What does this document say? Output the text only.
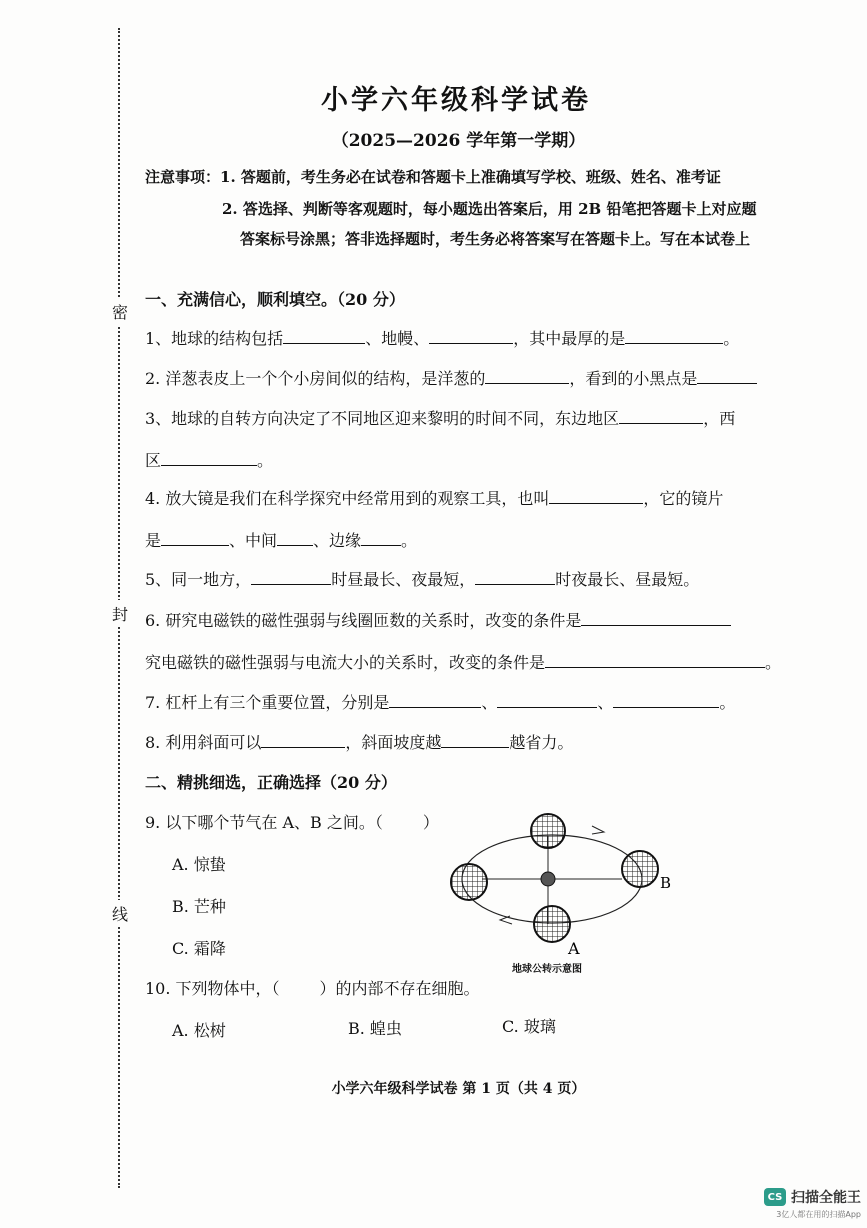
密
封
线
小学六年级科学试卷
（2025—2026 学年第一学期）
注意事项：1. 答题前，考生务必在试卷和答题卡上准确填写学校、班级、姓名、准考证
2. 答选择、判断等客观题时，每小题选出答案后，用 2B 铅笔把答题卡上对应题
答案标号涂黑；答非选择题时，考生务必将答案写在答题卡上。写在本试卷上
一、充满信心，顺利填空。（20 分）
1、地球的结构包括	、地幔、	，其中最厚的是	。
2. 洋葱表皮上一个个小房间似的结构，是洋葱的	，看到的小黑点是
3、地球的自转方向决定了不同地区迎来黎明的时间不同，东边地区	，西
区	。
4. 放大镜是我们在科学探究中经常用到的观察工具，也叫	，它的镜片
是	、中间 、边缘	。
5、同一地方，	时昼最长、夜最短，	时夜最长、昼最短。
6. 研究电磁铁的磁性强弱与线圈匝数的关系时，改变的条件是
究电磁铁的磁性强弱与电流大小的关系时，改变的条件是	。
7. 杠杆上有三个重要位置，分别是	、	、	。
8. 利用斜面可以	，斜面坡度越	越省力。
二、精挑细选，正确选择（20 分）
9. 以下哪个节气在 A、B 之间。（	）
A. 惊蛰
B. 芒种
C. 霜降
B
A
地球公转示意图
10. 下列物体中，（	）的内部不存在细胞。
A. 松树	B. 蝗虫	C. 玻璃
小学六年级科学试卷 第 1 页（共 4 页）
CS 扫描全能王
3亿人都在用的扫描App
